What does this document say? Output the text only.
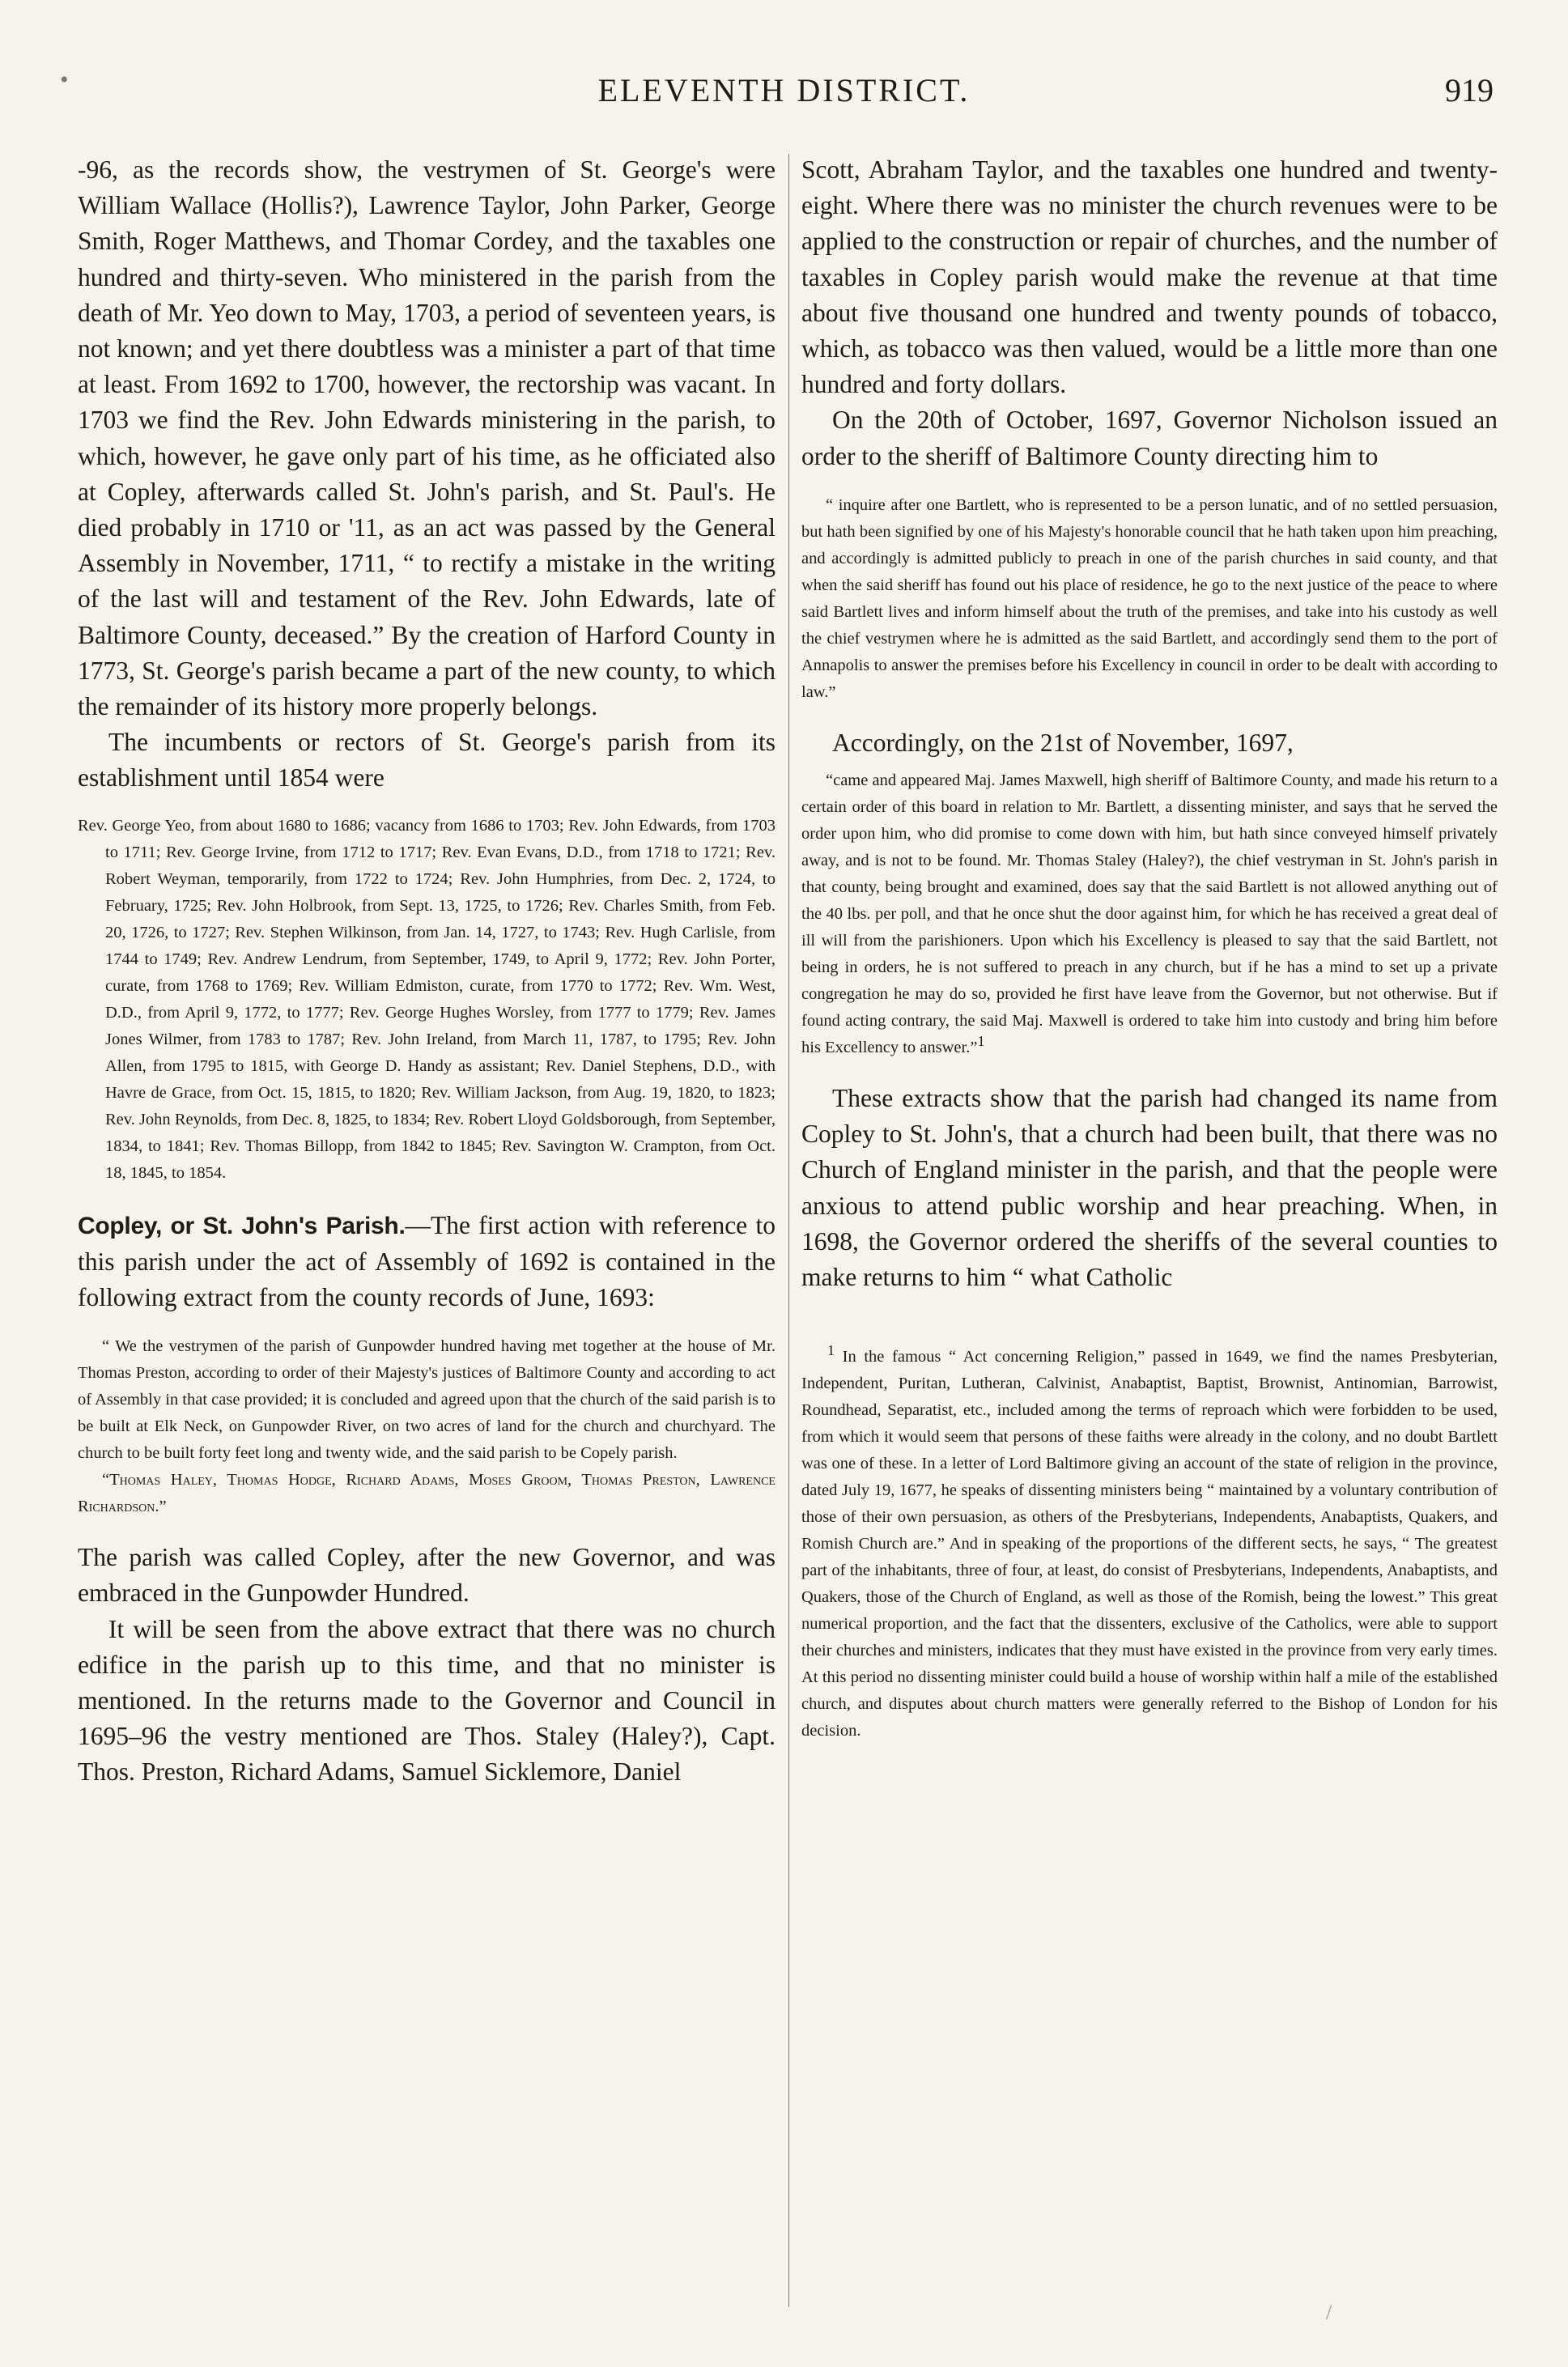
•	ELEVENTH DISTRICT.	919

-96, as the records show, the vestrymen of St. George's were William Wallace (Hollis?), Lawrence Taylor, John Parker, George Smith, Roger Matthews, and Thomar Cordey, and the taxables one hundred and thirty-seven. Who ministered in the parish from the death of Mr. Yeo down to May, 1703, a period of seventeen years, is not known; and yet there doubtless was a minister a part of that time at least. From 1692 to 1700, however, the rectorship was vacant. In 1703 we find the Rev. John Edwards ministering in the parish, to which, however, he gave only part of his time, as he officiated also at Copley, afterwards called St. John's parish, and St. Paul's. He died probably in 1710 or '11, as an act was passed by the General Assembly in November, 1711, “ to rectify a mistake in the writing of the last will and testament of the Rev. John Edwards, late of Baltimore County, deceased.” By the creation of Harford County in 1773, St. George's parish became a part of the new county, to which the remainder of its history more properly belongs.

The incumbents or rectors of St. George's parish from its establishment until 1854 were

Rev. George Yeo, from about 1680 to 1686; vacancy from 1686 to 1703; Rev. John Edwards, from 1703 to 1711; Rev. George Irvine, from 1712 to 1717; Rev. Evan Evans, D.D., from 1718 to 1721; Rev. Robert Weyman, temporarily, from 1722 to 1724; Rev. John Humphries, from Dec. 2, 1724, to February, 1725; Rev. John Holbrook, from Sept. 13, 1725, to 1726; Rev. Charles Smith, from Feb. 20, 1726, to 1727; Rev. Stephen Wilkinson, from Jan. 14, 1727, to 1743; Rev. Hugh Carlisle, from 1744 to 1749; Rev. Andrew Lendrum, from September, 1749, to April 9, 1772; Rev. John Porter, curate, from 1768 to 1769; Rev. William Edmiston, curate, from 1770 to 1772; Rev. Wm. West, D.D., from April 9, 1772, to 1777; Rev. George Hughes Worsley, from 1777 to 1779; Rev. James Jones Wilmer, from 1783 to 1787; Rev. John Ireland, from March 11, 1787, to 1795; Rev. John Allen, from 1795 to 1815, with George D. Handy as assistant; Rev. Daniel Stephens, D.D., with Havre de Grace, from Oct. 15, 1815, to 1820; Rev. William Jackson, from Aug. 19, 1820, to 1823; Rev. John Reynolds, from Dec. 8, 1825, to 1834; Rev. Robert Lloyd Goldsborough, from September, 1834, to 1841; Rev. Thomas Billopp, from 1842 to 1845; Rev. Savington W. Crampton, from Oct. 18, 1845, to 1854.

Copley, or St. John's Parish.—The first action with reference to this parish under the act of Assembly of 1692 is contained in the following extract from the county records of June, 1693:

“ We the vestrymen of the parish of Gunpowder hundred having met together at the house of Mr. Thomas Preston, according to order of their Majesty's justices of Baltimore County and according to act of Assembly in that case provided; it is concluded and agreed upon that the church of the said parish is to be built at Elk Neck, on Gunpowder River, on two acres of land for the church and churchyard. The church to be built forty feet long and twenty wide, and the said parish to be Copely parish.

“Thomas Haley, Thomas Hodge, Richard Adams, Moses Groom, Thomas Preston, Lawrence Richardson.”

The parish was called Copley, after the new Governor, and was embraced in the Gunpowder Hundred.

It will be seen from the above extract that there was no church edifice in the parish up to this time, and that no minister is mentioned. In the returns made to the Governor and Council in 1695–96 the vestry mentioned are Thos. Staley (Haley?), Capt. Thos. Preston, Richard Adams, Samuel Sicklemore, Daniel

Scott, Abraham Taylor, and the taxables one hundred and twenty-eight. Where there was no minister the church revenues were to be applied to the construction or repair of churches, and the number of taxables in Copley parish would make the revenue at that time about five thousand one hundred and twenty pounds of tobacco, which, as tobacco was then valued, would be a little more than one hundred and forty dollars.

On the 20th of October, 1697, Governor Nicholson issued an order to the sheriff of Baltimore County directing him to

“ inquire after one Bartlett, who is represented to be a person lunatic, and of no settled persuasion, but hath been signified by one of his Majesty's honorable council that he hath taken upon him preaching, and accordingly is admitted publicly to preach in one of the parish churches in said county, and that when the said sheriff has found out his place of residence, he go to the next justice of the peace to where said Bartlett lives and inform himself about the truth of the premises, and take into his custody as well the chief vestrymen where he is admitted as the said Bartlett, and accordingly send them to the port of Annapolis to answer the premises before his Excellency in council in order to be dealt with according to law.”

Accordingly, on the 21st of November, 1697,

“came and appeared Maj. James Maxwell, high sheriff of Baltimore County, and made his return to a certain order of this board in relation to Mr. Bartlett, a dissenting minister, and says that he served the order upon him, who did promise to come down with him, but hath since conveyed himself privately away, and is not to be found. Mr. Thomas Staley (Haley?), the chief vestryman in St. John's parish in that county, being brought and examined, does say that the said Bartlett is not allowed anything out of the 40 lbs. per poll, and that he once shut the door against him, for which he has received a great deal of ill will from the parishioners. Upon which his Excellency is pleased to say that the said Bartlett, not being in orders, he is not suffered to preach in any church, but if he has a mind to set up a private congregation he may do so, provided he first have leave from the Governor, but not otherwise. But if found acting contrary, the said Maj. Maxwell is ordered to take him into custody and bring him before his Excellency to answer.”1

These extracts show that the parish had changed its name from Copley to St. John's, that a church had been built, that there was no Church of England minister in the parish, and that the people were anxious to attend public worship and hear preaching. When, in 1698, the Governor ordered the sheriffs of the several counties to make returns to him “ what Catholic

1 In the famous “ Act concerning Religion,” passed in 1649, we find the names Presbyterian, Independent, Puritan, Lutheran, Calvinist, Anabaptist, Baptist, Brownist, Antinomian, Barrowist, Roundhead, Separatist, etc., included among the terms of reproach which were forbidden to be used, from which it would seem that persons of these faiths were already in the colony, and no doubt Bartlett was one of these. In a letter of Lord Baltimore giving an account of the state of religion in the province, dated July 19, 1677, he speaks of dissenting ministers being “ maintained by a voluntary contribution of those of their own persuasion, as others of the Presbyterians, Independents, Anabaptists, Quakers, and Romish Church are.” And in speaking of the proportions of the different sects, he says, “ The greatest part of the inhabitants, three of four, at least, do consist of Presbyterians, Independents, Anabaptists, and Quakers, those of the Church of England, as well as those of the Romish, being the lowest.” This great numerical proportion, and the fact that the dissenters, exclusive of the Catholics, were able to support their churches and ministers, indicates that they must have existed in the province from very early times. At this period no dissenting minister could build a house of worship within half a mile of the established church, and disputes about church matters were generally referred to the Bishop of London for his decision.

/
